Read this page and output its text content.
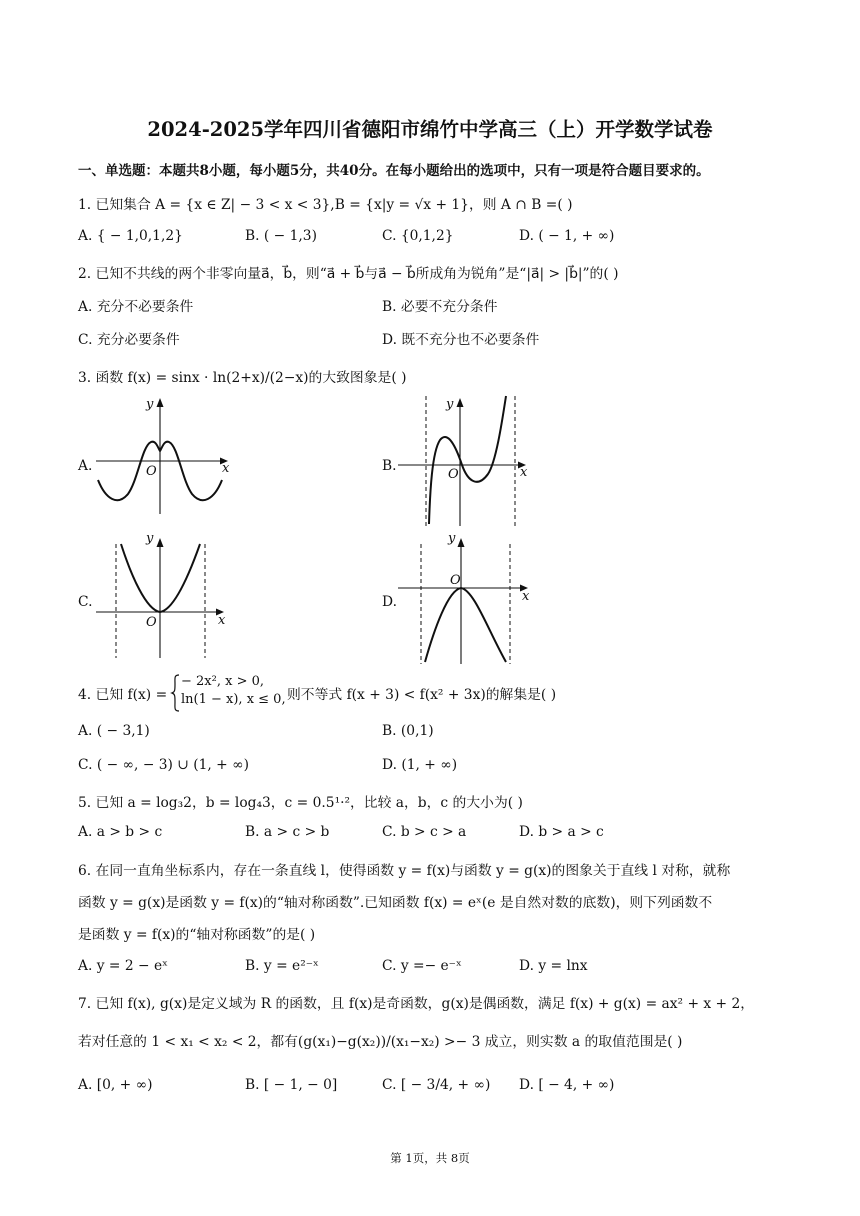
2024-2025学年四川省德阳市绵竹中学高三（上）开学数学试卷
一、单选题：本题共8小题，每小题5分，共40分。在每小题给出的选项中，只有一项是符合题目要求的。
1. 已知集合 A = {x ∈ Z| − 3 < x < 3},B = {x|y = √x + 1}，则 A ∩ B =( )
A. { − 1,0,1,2}	B. ( − 1,3)	C. {0,1,2}	D. ( − 1, + ∞)
2. 已知不共线的两个非零向量a⃗，b⃗，则“a⃗ + b⃗与a⃗ − b⃗所成角为锐角”是“|a⃗| > |b⃗|”的( )
A. 充分不必要条件	B. 必要不充分条件
C. 充分必要条件	D. 既不充分也不必要条件
3. 函数 f(x) = sinx · ln(2+x)/(2−x)的大致图象是( )
A.	B.
C.	D.
x
y
O	x
y
O
x
y
O
x
y
O
4. 已知 f(x) =
− 2x², x > 0,
ln(1 − x), x ≤ 0, 则不等式 f(x + 3) < f(x² + 3x)的解集是( )
A. ( − 3,1)	B. (0,1)
C. ( − ∞, − 3) ∪ (1, + ∞)	D. (1, + ∞)
5. 已知 a = log₃2，b = log₄3，c = 0.5¹·²，比较 a，b，c 的大小为( )
A. a > b > c	B. a > c > b	C. b > c > a	D. b > a > c
6. 在同一直角坐标系内，存在一条直线 l，使得函数 y = f(x)与函数 y = g(x)的图象关于直线 l 对称，就称
函数 y = g(x)是函数 y = f(x)的“轴对称函数”.已知函数 f(x) = eˣ(e 是自然对数的底数)，则下列函数不
是函数 y = f(x)的“轴对称函数”的是( )
A. y = 2 − eˣ	B. y = e²⁻ˣ	C. y =− e⁻ˣ	D. y = lnx
7. 已知 f(x), g(x)是定义域为 R 的函数，且 f(x)是奇函数，g(x)是偶函数，满足 f(x) + g(x) = ax² + x + 2，
若对任意的 1 < x₁ < x₂ < 2，都有(g(x₁)−g(x₂))/(x₁−x₂) >− 3 成立，则实数 a 的取值范围是( )
A. [0, + ∞)	B. [ − 1, − 0]	C. [ − 3/4, + ∞) D. [ − 4, + ∞)
第 1页，共 8页
